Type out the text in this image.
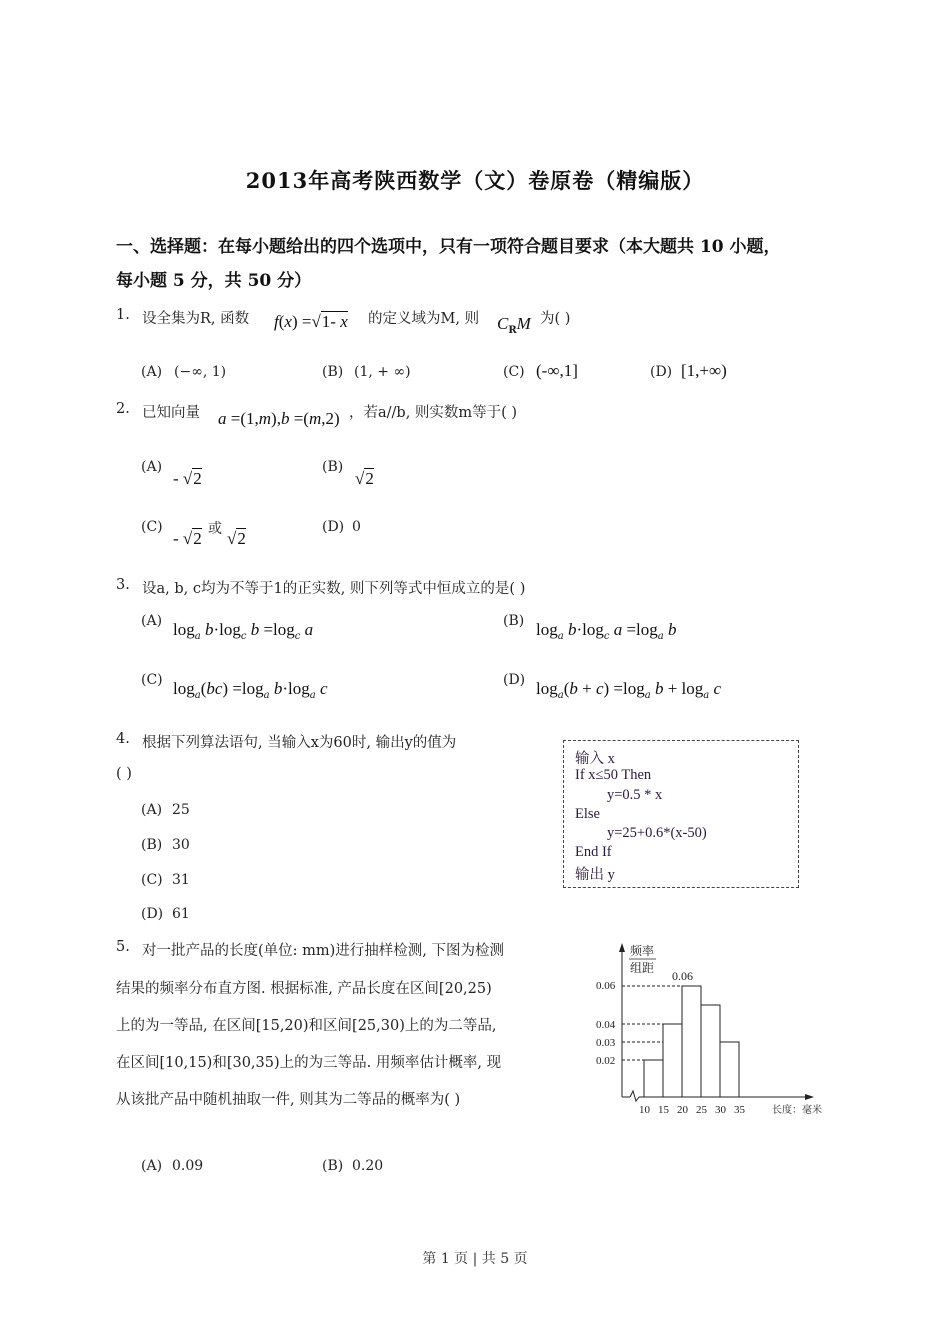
2013年高考陕西数学（文）卷原卷（精编版）
一、选择题：在每小题给出的四个选项中，只有一项符合题目要求（本大题共 10 小题，
每小题 5 分，共 50 分）
1. 设全集为R, 函数 f(x) =√1- x 的定义域为M, 则 $C_RM$ 为( )
(A) (−∞, 1)	(B) (1, + ∞)	(C) (-∞,1]	(D) [1,+∞)
2. 已知向量 a =(1,m),b =(m,2) ，若a//b, 则实数m等于( )
(A)
- √2
(B)
√2
(C)
- √2 或 √2
(D) 0
3. 设a, b, c均为不等于1的正实数, 则下列等式中恒成立的是( )
(A) $\log_a b\cdot\log_c$ $b =\log_c$ a	(B) $\log_a b\cdot\log_c$ $a =\log_a$ b
(C) $\log_a(bc) =\log_a$ $b\cdot\log_a$ c	(D) $\log_a(b + c) =\log_a$ $b + \log_a c$
4. 根据下列算法语句, 当输入x为60时, 输出y的值为
( )
(A) 25
(B) 30
(C) 31
(D) 61
输入 x
If x≤50 Then
y=0.5 * x
Else
y=25+0.6*(x-50)
End If
输出 y
5. 对一批产品的长度(单位: mm)进行抽样检测, 下图为检测
结果的频率分布直方图. 根据标准, 产品长度在区间[20,25)
上的为一等品, 在区间[15,20)和区间[25,30)上的为二等品,
在区间[10,15)和[30,35)上的为三等品. 用频率估计概率, 现
从该批产品中随机抽取一件, 则其为二等品的概率为( )
(A) 0.09	(B) 0.20
频率
组距
0.06
0.04
0.03
0.02
0.06
10 15 20 25 30 35	长度：毫米
第 1 页 | 共 5 页
